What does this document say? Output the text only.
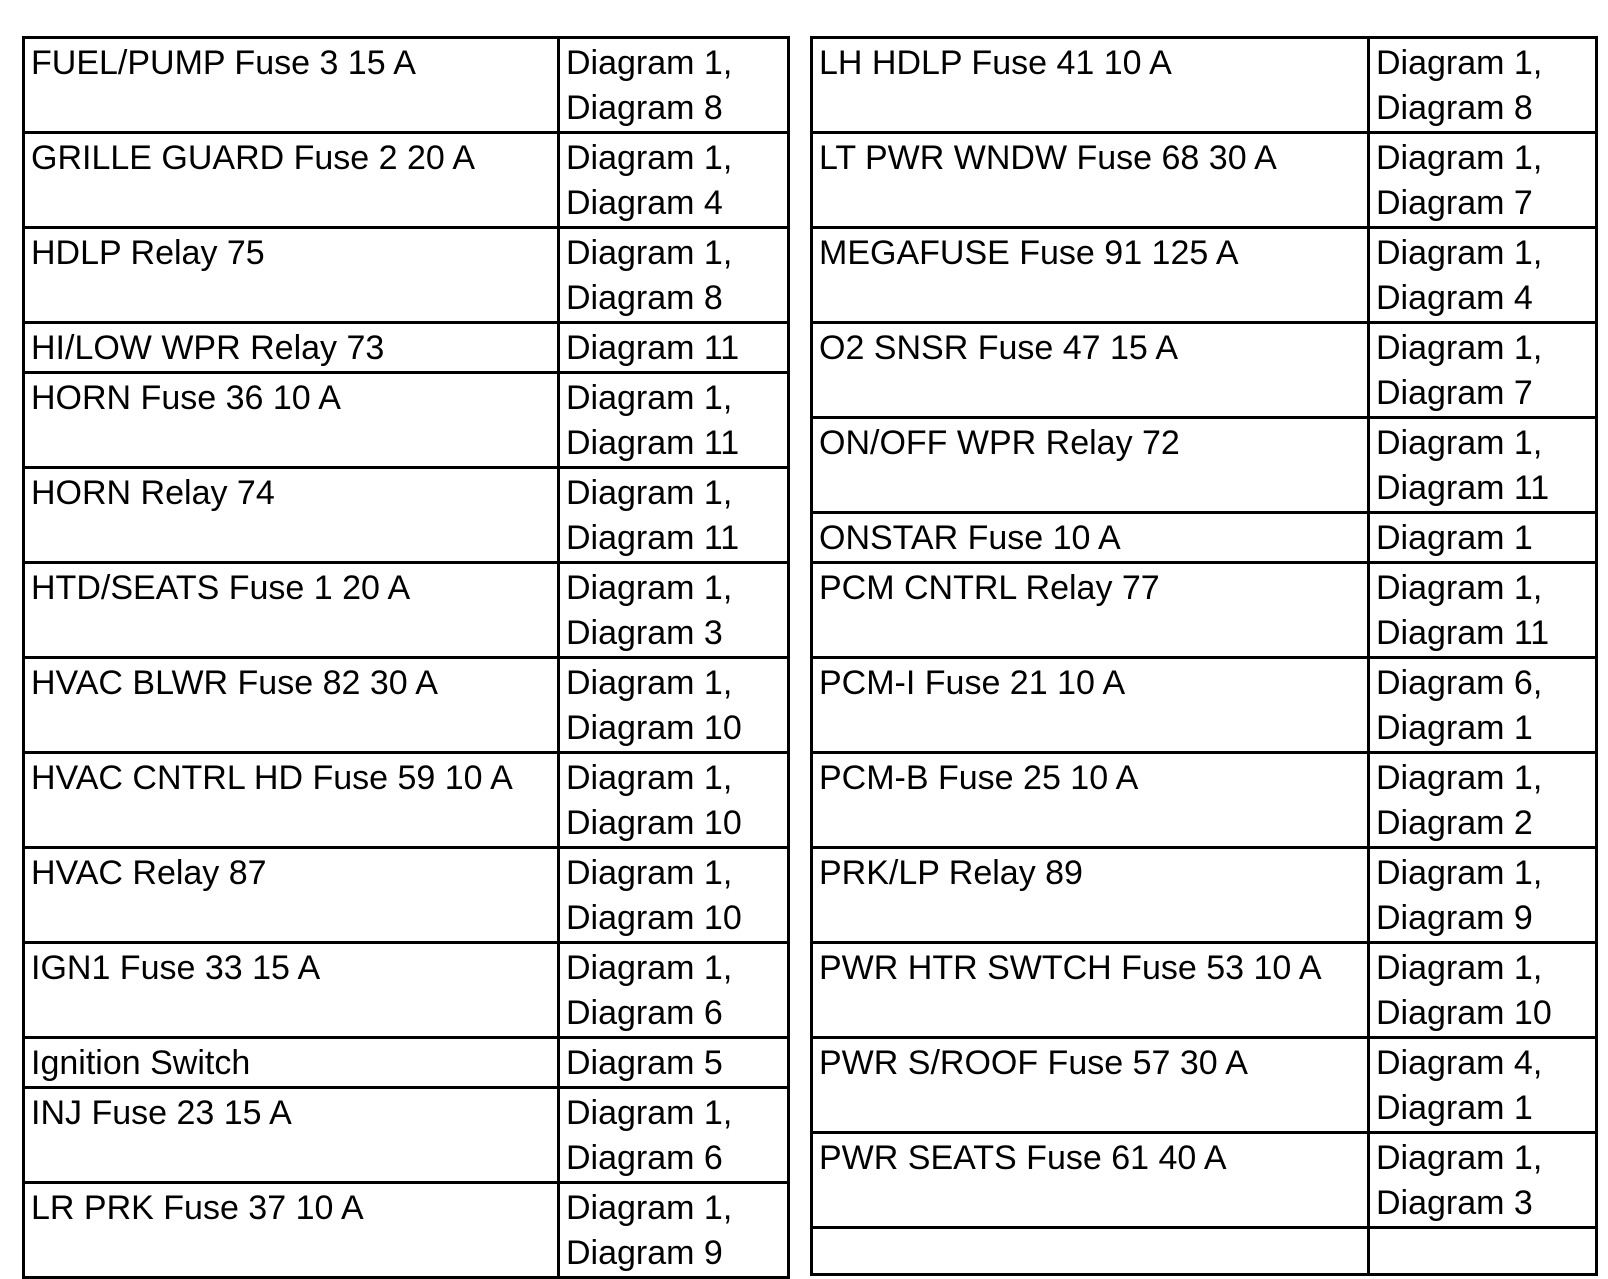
FUEL/PUMP Fuse 3 15 A	Diagram 1,
Diagram 8
GRILLE GUARD Fuse 2 20 A	Diagram 1,
Diagram 4
HDLP Relay 75	Diagram 1,
Diagram 8
HI/LOW WPR Relay 73	Diagram 11
HORN Fuse 36 10 A	Diagram 1,
Diagram 11
HORN Relay 74	Diagram 1,
Diagram 11
HTD/SEATS Fuse 1 20 A	Diagram 1,
Diagram 3
HVAC BLWR Fuse 82 30 A	Diagram 1,
Diagram 10
HVAC CNTRL HD Fuse 59 10 A	Diagram 1,
Diagram 10
HVAC Relay 87	Diagram 1,
Diagram 10
IGN1 Fuse 33 15 A	Diagram 1,
Diagram 6
Ignition Switch	Diagram 5
INJ Fuse 23 15 A	Diagram 1,
Diagram 6
LR PRK Fuse 37 10 A	Diagram 1,
Diagram 9
LH HDLP Fuse 41 10 A	Diagram 1,
Diagram 8
LT PWR WNDW Fuse 68 30 A	Diagram 1,
Diagram 7
MEGAFUSE Fuse 91 125 A	Diagram 1,
Diagram 4
O2 SNSR Fuse 47 15 A	Diagram 1,
Diagram 7
ON/OFF WPR Relay 72	Diagram 1,
Diagram 11
ONSTAR Fuse 10 A	Diagram 1
PCM CNTRL Relay 77	Diagram 1,
Diagram 11
PCM-I Fuse 21 10 A	Diagram 6,
Diagram 1
PCM-B Fuse 25 10 A	Diagram 1,
Diagram 2
PRK/LP Relay 89	Diagram 1,
Diagram 9
PWR HTR SWTCH Fuse 53 10 A	Diagram 1,
Diagram 10
PWR S/ROOF Fuse 57 30 A	Diagram 4,
Diagram 1
PWR SEATS Fuse 61 40 A	Diagram 1,
Diagram 3
